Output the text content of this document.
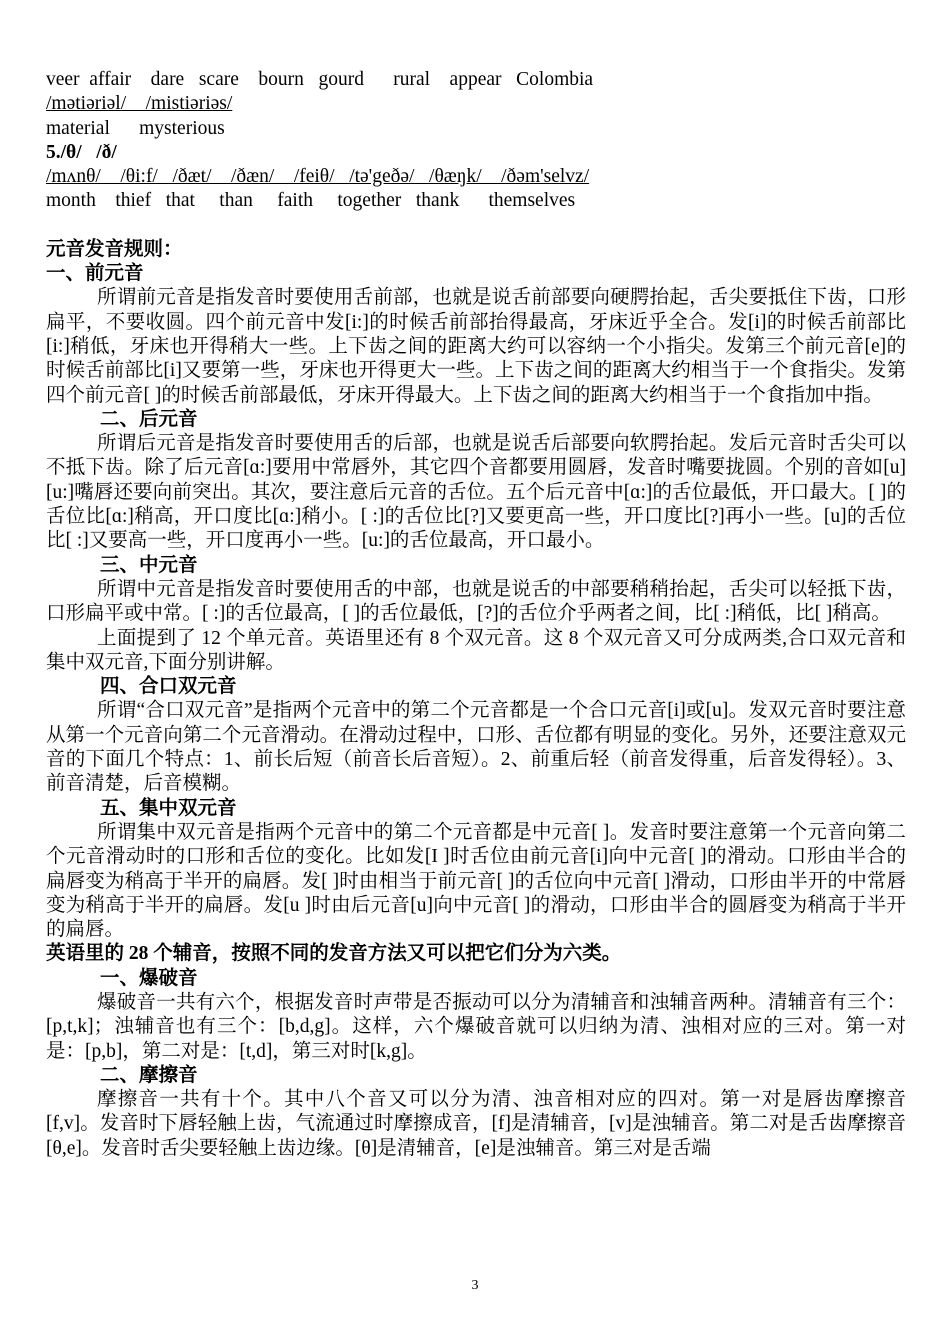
veer  affair    dare   scare    bourn   gourd      rural    appear   Colombia

/mətiəriəl/    /mistiəriəs/

material      mysterious

5./θ/   /ð/

/mʌnθ/    /θi:f/   /ðæt/    /ðæn/    /feiθ/   /tə'geðə/   /θæŋk/    /ðəm'selvz/

month    thief   that     than     faith     together   thank      themselves

元音发音规则：

一、前元音

所谓前元音是指发音时要使用舌前部，也就是说舌前部要向硬腭抬起，舌尖要抵住下齿，口形扁平，不要收圆。四个前元音中发[i:]的时候舌前部抬得最高，牙床近乎全合。发[i]的时候舌前部比[i:]稍低，牙床也开得稍大一些。上下齿之间的距离大约可以容纳一个小指尖。发第三个前元音[e]的时候舌前部比[i]又要第一些，牙床也开得更大一些。上下齿之间的距离大约相当于一个食指尖。发第四个前元音[ ]的时候舌前部最低，牙床开得最大。上下齿之间的距离大约相当于一个食指加中指。

二、后元音

所谓后元音是指发音时要使用舌的后部，也就是说舌后部要向软腭抬起。发后元音时舌尖可以不抵下齿。除了后元音[ɑ:]要用中常唇外，其它四个音都要用圆唇，发音时嘴要拢圆。个别的音如[u] [u:]嘴唇还要向前突出。其次，要注意后元音的舌位。五个后元音中[ɑ:]的舌位最低，开口最大。[ ]的舌位比[ɑ:]稍高，开口度比[ɑ:]稍小。[ :]的舌位比[?]又要更高一些，开口度比[?]再小一些。[u]的舌位比[ :]又要高一些，开口度再小一些。[u:]的舌位最高，开口最小。

三、中元音

所谓中元音是指发音时要使用舌的中部，也就是说舌的中部要稍稍抬起，舌尖可以轻抵下齿，口形扁平或中常。[ :]的舌位最高，[ ]的舌位最低，[?]的舌位介乎两者之间，比[ :]稍低，比[ ]稍高。

上面提到了 12 个单元音。英语里还有 8 个双元音。这 8 个双元音又可分成两类,合口双元音和集中双元音,下面分别讲解。

四、合口双元音

所谓“合口双元音”是指两个元音中的第二个元音都是一个合口元音[i]或[u]。发双元音时要注意从第一个元音向第二个元音滑动。在滑动过程中，口形、舌位都有明显的变化。另外，还要注意双元音的下面几个特点：1、前长后短（前音长后音短）。2、前重后轻（前音发得重，后音发得轻）。3、前音清楚，后音模糊。

五、集中双元音

所谓集中双元音是指两个元音中的第二个元音都是中元音[ ]。发音时要注意第一个元音向第二个元音滑动时的口形和舌位的变化。比如发[I ]时舌位由前元音[i]向中元音[ ]的滑动。口形由半合的扁唇变为稍高于半开的扁唇。发[ ]时由相当于前元音[ ]的舌位向中元音[ ]滑动，口形由半开的中常唇变为稍高于半开的扁唇。发[u ]时由后元音[u]向中元音[ ]的滑动，口形由半合的圆唇变为稍高于半开的扁唇。

英语里的 28 个辅音，按照不同的发音方法又可以把它们分为六类。

一、爆破音

爆破音一共有六个，根据发音时声带是否振动可以分为清辅音和浊辅音两种。清辅音有三个：[p,t,k]；浊辅音也有三个：[b,d,g]。这样，六个爆破音就可以归纳为清、浊相对应的三对。第一对是：[p,b]，第二对是：[t,d]，第三对时[k,g]。

二、摩擦音

摩擦音一共有十个。其中八个音又可以分为清、浊音相对应的四对。第一对是唇齿摩擦音[f,v]。发音时下唇轻触上齿，气流通过时摩擦成音，[f]是清辅音，[v]是浊辅音。第二对是舌齿摩擦音[θ,e]。发音时舌尖要轻触上齿边缘。[θ]是清辅音，[e]是浊辅音。第三对是舌端

3
